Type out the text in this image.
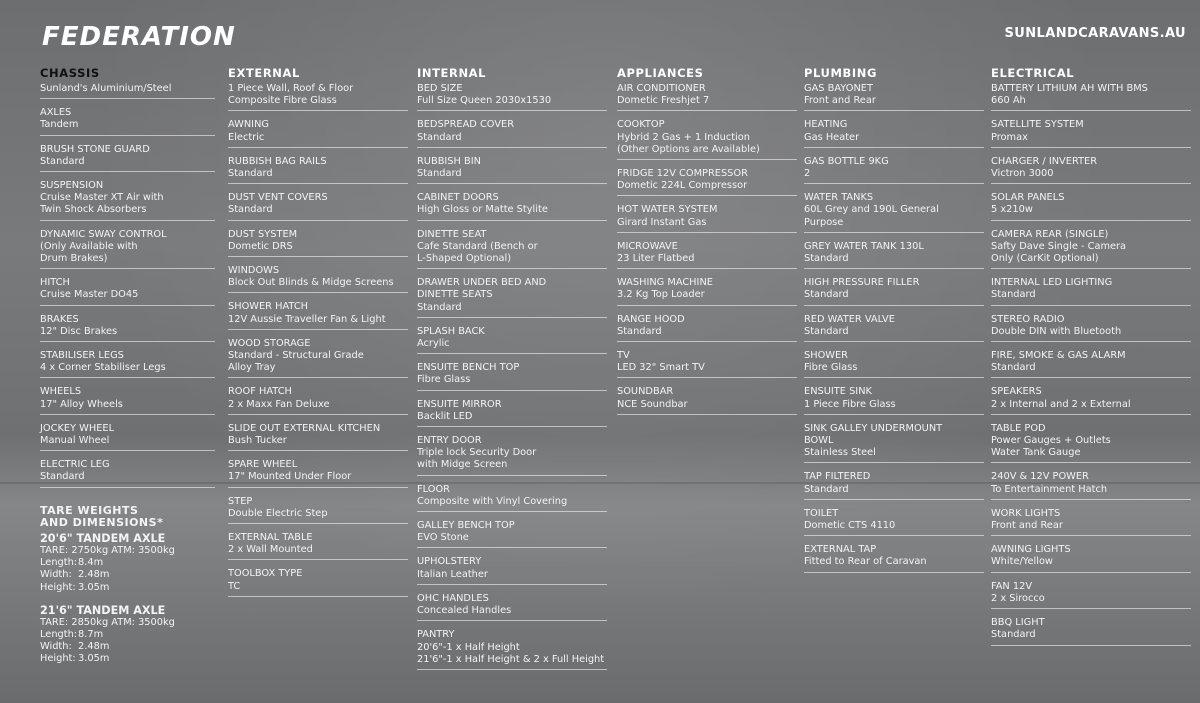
FEDERATION	SUNLANDCARAVANS.AU
CHASSIS
Sunland's Aluminium/Steel
AXLES
Tandem
BRUSH STONE GUARD
Standard
SUSPENSION
Cruise Master XT Air with
Twin Shock Absorbers
DYNAMIC SWAY CONTROL
(Only Available with
Drum Brakes)
HITCH
Cruise Master DO45
BRAKES
12" Disc Brakes
STABILISER LEGS
4 x Corner Stabiliser Legs
WHEELS
17" Alloy Wheels
JOCKEY WHEEL
Manual Wheel
ELECTRIC LEG
Standard
EXTERNAL
1 Piece Wall, Roof & Floor
Composite Fibre Glass
AWNING
Electric
RUBBISH BAG RAILS
Standard
DUST VENT COVERS
Standard
DUST SYSTEM
Dometic DRS
WINDOWS
Block Out Blinds & Midge Screens
SHOWER HATCH
12V Aussie Traveller Fan & Light
WOOD STORAGE
Standard - Structural Grade
Alloy Tray
ROOF HATCH
2 x Maxx Fan Deluxe
SLIDE OUT EXTERNAL KITCHEN
Bush Tucker
SPARE WHEEL
17" Mounted Under Floor
STEP
Double Electric Step
EXTERNAL TABLE
2 x Wall Mounted
TOOLBOX TYPE
TC
INTERNAL
BED SIZE
Full Size Queen 2030x1530
BEDSPREAD COVER
Standard
RUBBISH BIN
Standard
CABINET DOORS
High Gloss or Matte Stylite
DINETTE SEAT
Cafe Standard (Bench or
L-Shaped Optional)
DRAWER UNDER BED AND
DINETTE SEATS
Standard
SPLASH BACK
Acrylic
ENSUITE BENCH TOP
Fibre Glass
ENSUITE MIRROR
Backlit LED
ENTRY DOOR
Triple lock Security Door
with Midge Screen
FLOOR
Composite with Vinyl Covering
GALLEY BENCH TOP
EVO Stone
UPHOLSTERY
Italian Leather
OHC HANDLES
Concealed Handles
PANTRY
20'6"-1 x Half Height
21'6"-1 x Half Height & 2 x Full Height
APPLIANCES
AIR CONDITIONER
Dometic Freshjet 7
COOKTOP
Hybrid 2 Gas + 1 Induction
(Other Options are Available)
FRIDGE 12V COMPRESSOR
Dometic 224L Compressor
HOT WATER SYSTEM
Girard Instant Gas
MICROWAVE
23 Liter Flatbed
WASHING MACHINE
3.2 Kg Top Loader
RANGE HOOD
Standard
TV
LED 32" Smart TV
SOUNDBAR
NCE Soundbar
PLUMBING
GAS BAYONET
Front and Rear
HEATING
Gas Heater
GAS BOTTLE 9KG
2
WATER TANKS
60L Grey and 190L General
Purpose
GREY WATER TANK 130L
Standard
HIGH PRESSURE FILLER
Standard
RED WATER VALVE
Standard
SHOWER
Fibre Glass
ENSUITE SINK
1 Piece Fibre Glass
SINK GALLEY UNDERMOUNT
BOWL
Stainless Steel
TAP FILTERED
Standard
TOILET
Dometic CTS 4110
EXTERNAL TAP
Fitted to Rear of Caravan
ELECTRICAL
BATTERY LITHIUM AH WITH BMS
660 Ah
SATELLITE SYSTEM
Promax
CHARGER / INVERTER
Victron 3000
SOLAR PANELS
5 x210w
CAMERA REAR (SINGLE)
Safty Dave Single - Camera
Only (CarKit Optional)
INTERNAL LED LIGHTING
Standard
STEREO RADIO
Double DIN with Bluetooth
FIRE, SMOKE & GAS ALARM
Standard
SPEAKERS
2 x Internal and 2 x External
TABLE POD
Power Gauges + Outlets
Water Tank Gauge
240V & 12V POWER
To Entertainment Hatch
WORK LIGHTS
Front and Rear
AWNING LIGHTS
White/Yellow
FAN 12V
2 x Sirocco
BBQ LIGHT
Standard
TARE WEIGHTS
AND DIMENSIONS*
20'6" TANDEM AXLE
TARE: 2750kg ATM: 3500kg
Length: 8.4m
Width: 2.48m
Height: 3.05m
21'6" TANDEM AXLE
TARE: 2850kg ATM: 3500kg
Length: 8.7m
Width: 2.48m
Height: 3.05m
